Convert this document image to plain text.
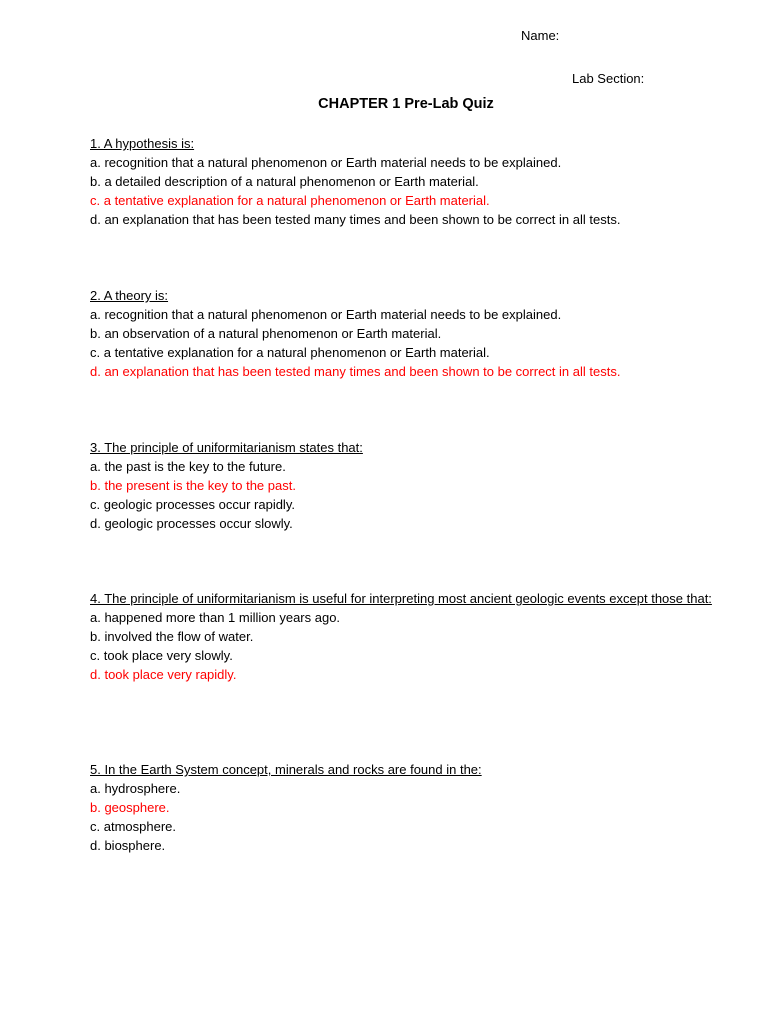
Name:
Lab Section:
CHAPTER 1 Pre-Lab Quiz
1. A hypothesis is:
a. recognition that a natural phenomenon or Earth material needs to be explained.
b. a detailed description of a natural phenomenon or Earth material.
c. a tentative explanation for a natural phenomenon or Earth material.
d. an explanation that has been tested many times and been shown to be correct in all tests.
2. A theory is:
a. recognition that a natural phenomenon or Earth material needs to be explained.
b. an observation of a natural phenomenon or Earth material.
c. a tentative explanation for a natural phenomenon or Earth material.
d. an explanation that has been tested many times and been shown to be correct in all tests.
3. The principle of uniformitarianism states that:
a. the past is the key to the future.
b. the present is the key to the past.
c. geologic processes occur rapidly.
d. geologic processes occur slowly.
4. The principle of uniformitarianism is useful for interpreting most ancient geologic events except those that:
a. happened more than 1 million years ago.
b. involved the flow of water.
c. took place very slowly.
d. took place very rapidly.
5. In the Earth System concept, minerals and rocks are found in the:
a. hydrosphere.
b. geosphere.
c. atmosphere.
d. biosphere.
